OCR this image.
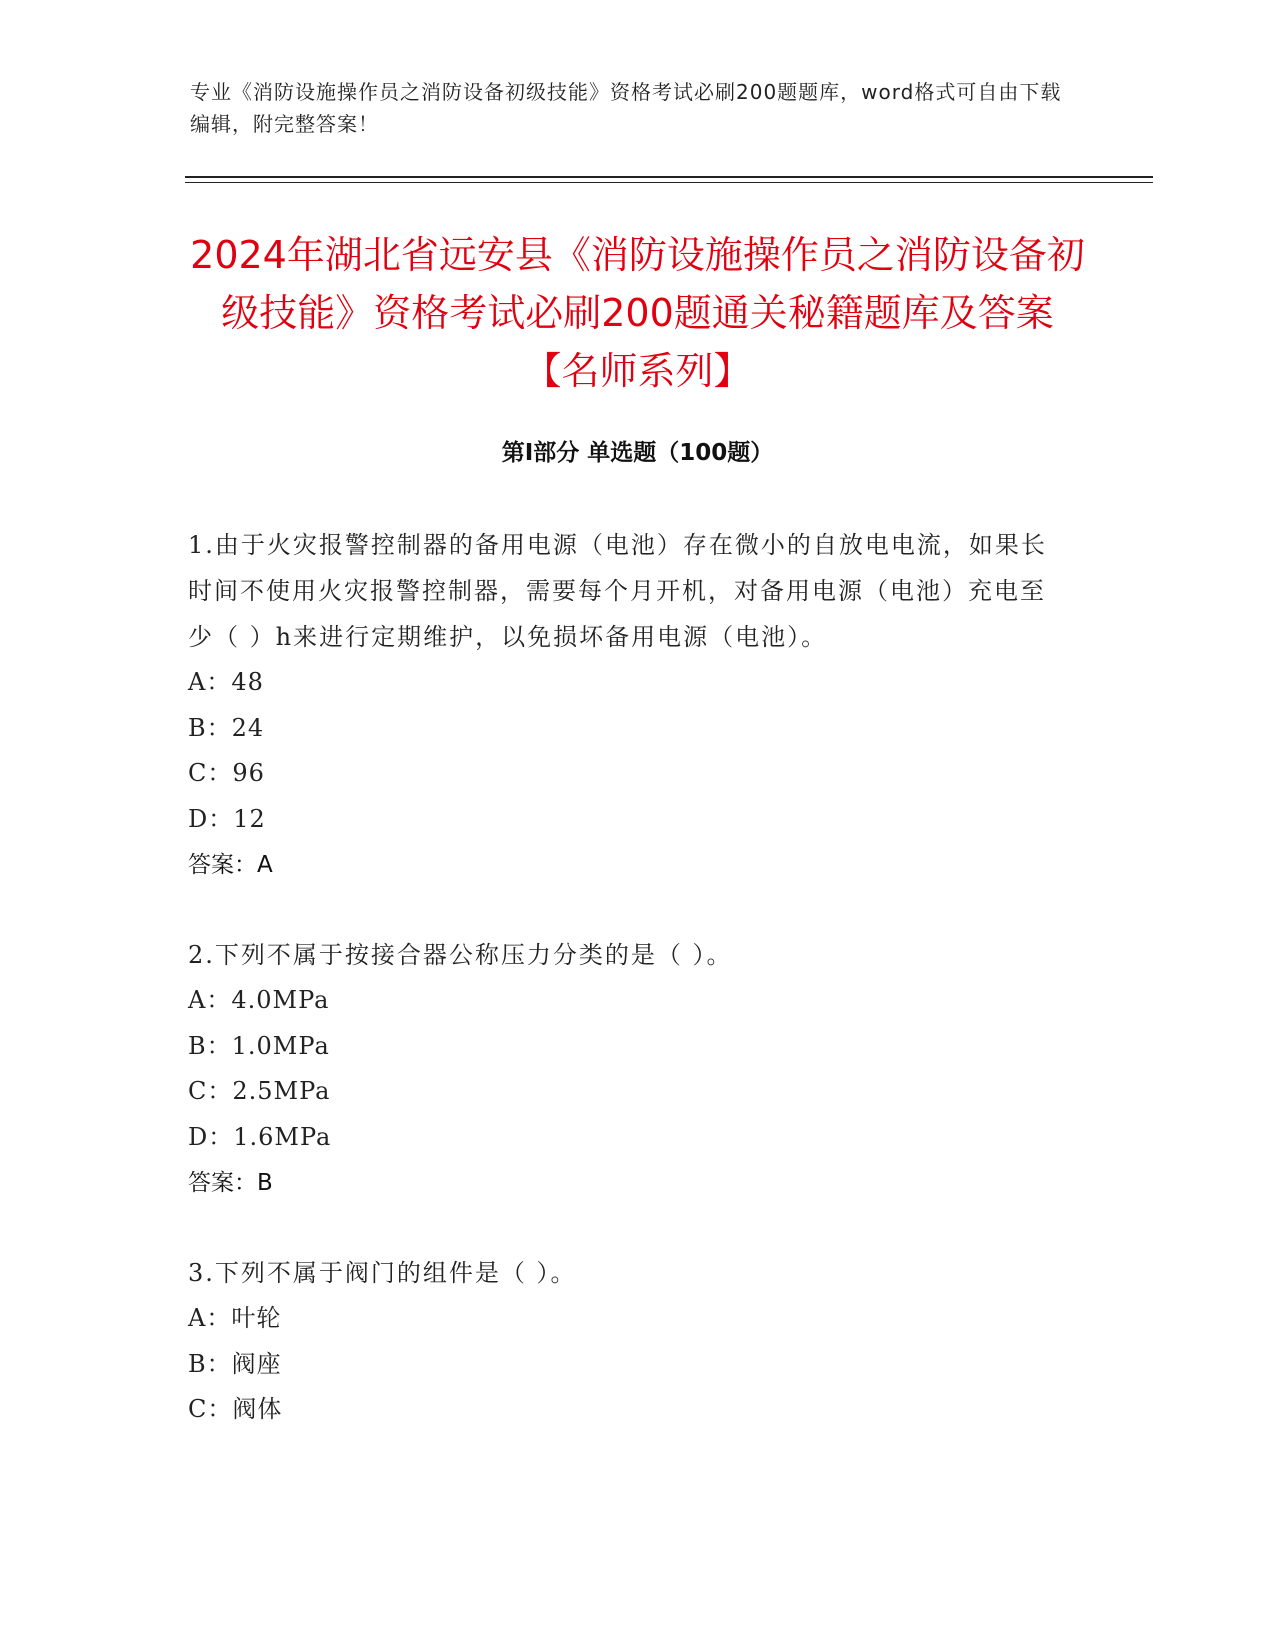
专业《消防设施操作员之消防设备初级技能》资格考试必刷200题题库，word格式可自由下载编辑，附完整答案！
2024年湖北省远安县《消防设施操作员之消防设备初级技能》资格考试必刷200题通关秘籍题库及答案【名师系列】
第Ⅰ部分 单选题（100题）
1.由于火灾报警控制器的备用电源（电池）存在微小的自放电电流，如果长时间不使用火灾报警控制器，需要每个月开机，对备用电源（电池）充电至少（ ）h来进行定期维护，以免损坏备用电源（电池）。
A：48
B：24
C：96
D：12
答案：A
2.下列不属于按接合器公称压力分类的是（ ）。
A：4.0MPa
B：1.0MPa
C：2.5MPa
D：1.6MPa
答案：B
3.下列不属于阀门的组件是（ ）。
A：叶轮
B：阀座
C：阀体
